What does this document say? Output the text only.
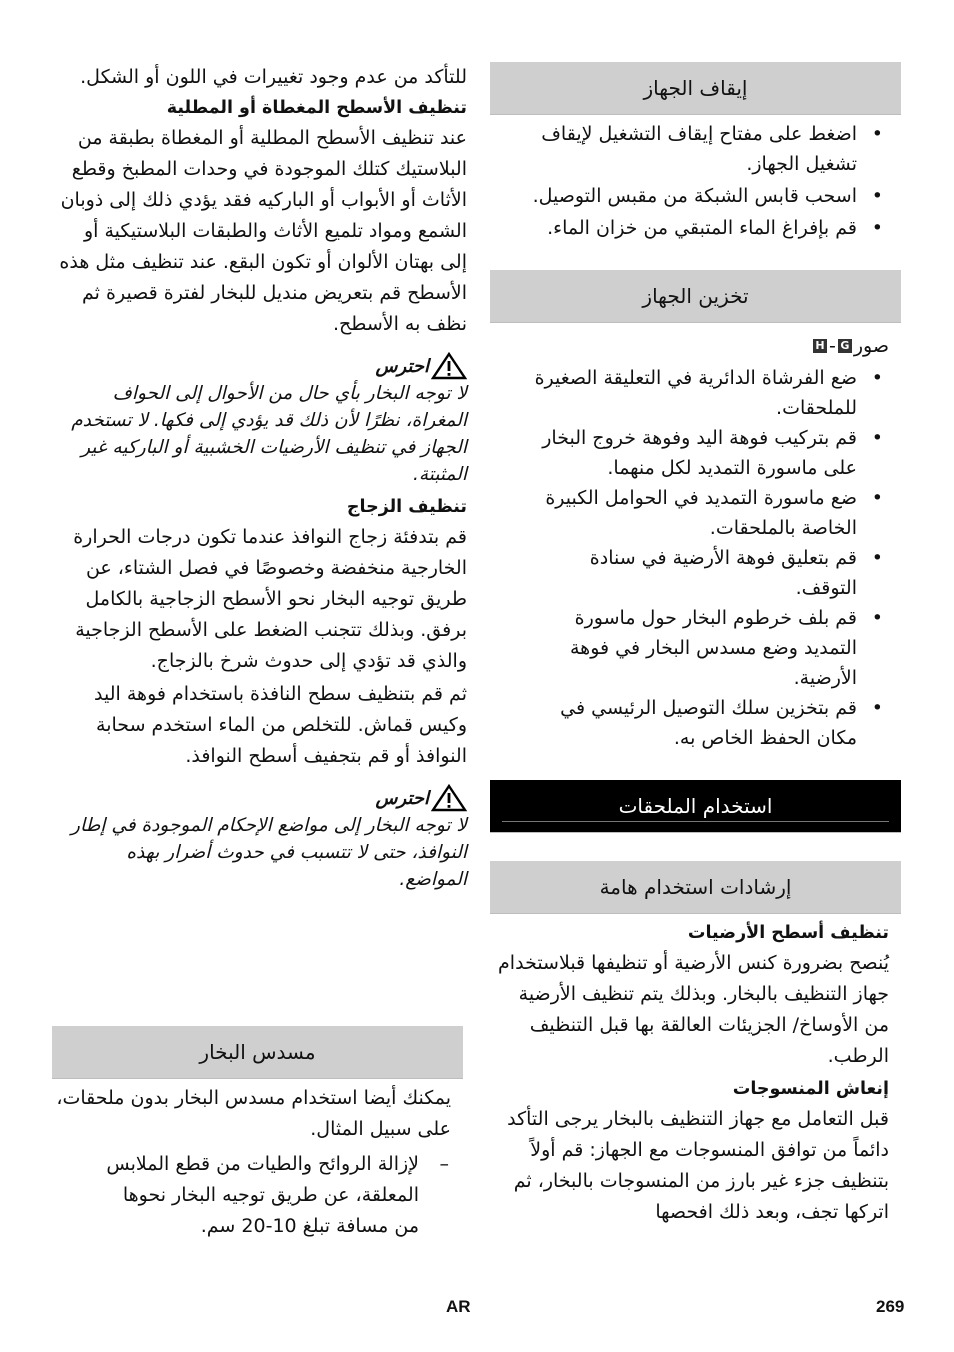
إيقاف الجهاز
• اضغط على مفتاح إيقاف التشغيل لإيقاف تشغيل الجهاز.
• اسحب قابس الشبكة من مقبس التوصيل.
• قم بإفراغ الماء المتبقي من خزان الماء.
تخزين الجهاز
صور
G
-
H
• ضع الفرشاة الدائرية في التعليقة الصغيرة للملحقات.
• قم بتركيب فوهة اليد وفوهة خروج البخار على ماسورة التمديد لكل منهما.
• ضع ماسورة التمديد في الحوامل الكبيرة الخاصة بالملحقات.
• قم بتعليق فوهة الأرضية في سنادة التوقف.
• قم بلف خرطوم البخار حول ماسورة التمديد وضع مسدس البخار في فوهة الأرضية.
• قم بتخزين سلك التوصيل الرئيسي في مكان الحفظ الخاص به.
استخدام الملحقات
إرشادات استخدام هامة
تنظيف أسطح الأرضيات

يُنصح بضرورة كنس الأرضية أو تنظيفها قبلاستخدام جهاز التنظيف بالبخار. وبذلك يتم تنظيف الأرضية من الأوساخ/ الجزيئات العالقة بها قبل التنظيف الرطب.

إنعاش المنسوجات

قبل التعامل مع جهاز التنظيف بالبخار يرجى التأكد دائماً من توافق المنسوجات مع الجهاز: قم أولاً بتنظيف جزء غير بارز من المنسوجات بالبخار، ثم اتركها تجف، وبعد ذلك افحصها

للتأكد من عدم وجود تغييرات في اللون أو الشكل.

تنظيف الأسطح المغطاة أو المطلية

عند تنظيف الأسطح المطلية أو المغطاة بطبقة من البلاستيك كتلك الموجودة في وحدات المطبخ وقطع الأثاث أو الأبواب أو الباركيه فقد يؤدي ذلك إلى ذوبان الشمع ومواد تلميع الأثاث والطبقات البلاستيكية أو إلى بهتان الألوان أو تكون البقع. عند تنظيف مثل هذه الأسطح قم بتعريض منديل للبخار لفترة قصيرة ثم نظف به الأسطح.

احترس

لا توجه البخار بأي حال من الأحوال إلى الحواف المغراة، نظرًا لأن ذلك قد يؤدي إلى فكها. لا تستخدم الجهاز في تنظيف الأرضيات الخشبية أو الباركيه غير المثبتة.

تنظيف الزجاج

قم بتدفئة زجاج النوافذ عندما تكون درجات الحرارة الخارجية منخفضة وخصوصًا في فصل الشتاء، عن طريق توجيه البخار نحو الأسطح الزجاجية بالكامل برفق. وبذلك تتجنب الضغط على الأسطح الزجاجية والذي قد تؤدي إلى حدوث شرخ بالزجاج.

ثم قم بتنظيف سطح النافذة باستخدام فوهة اليد وكيس قماش. للتخلص من الماء استخدم سحابة النوافذ أو قم بتجفيف أسطح النوافذ.

احترس

لا توجه البخار إلى مواضع الإحكام الموجودة في إطار النوافذ، حتى لا تتسبب في حدوث أضرار بهذه المواضع.

مسدس البخار

يمكنك أيضا استخدام مسدس البخار بدون ملحقات، على سبيل المثال.

–
لإزالة الروائح والطيات من قطع الملابس المعلقة، عن طريق توجيه البخار نحوها من مسافة تبلغ 10-20 سم.
AR	269
